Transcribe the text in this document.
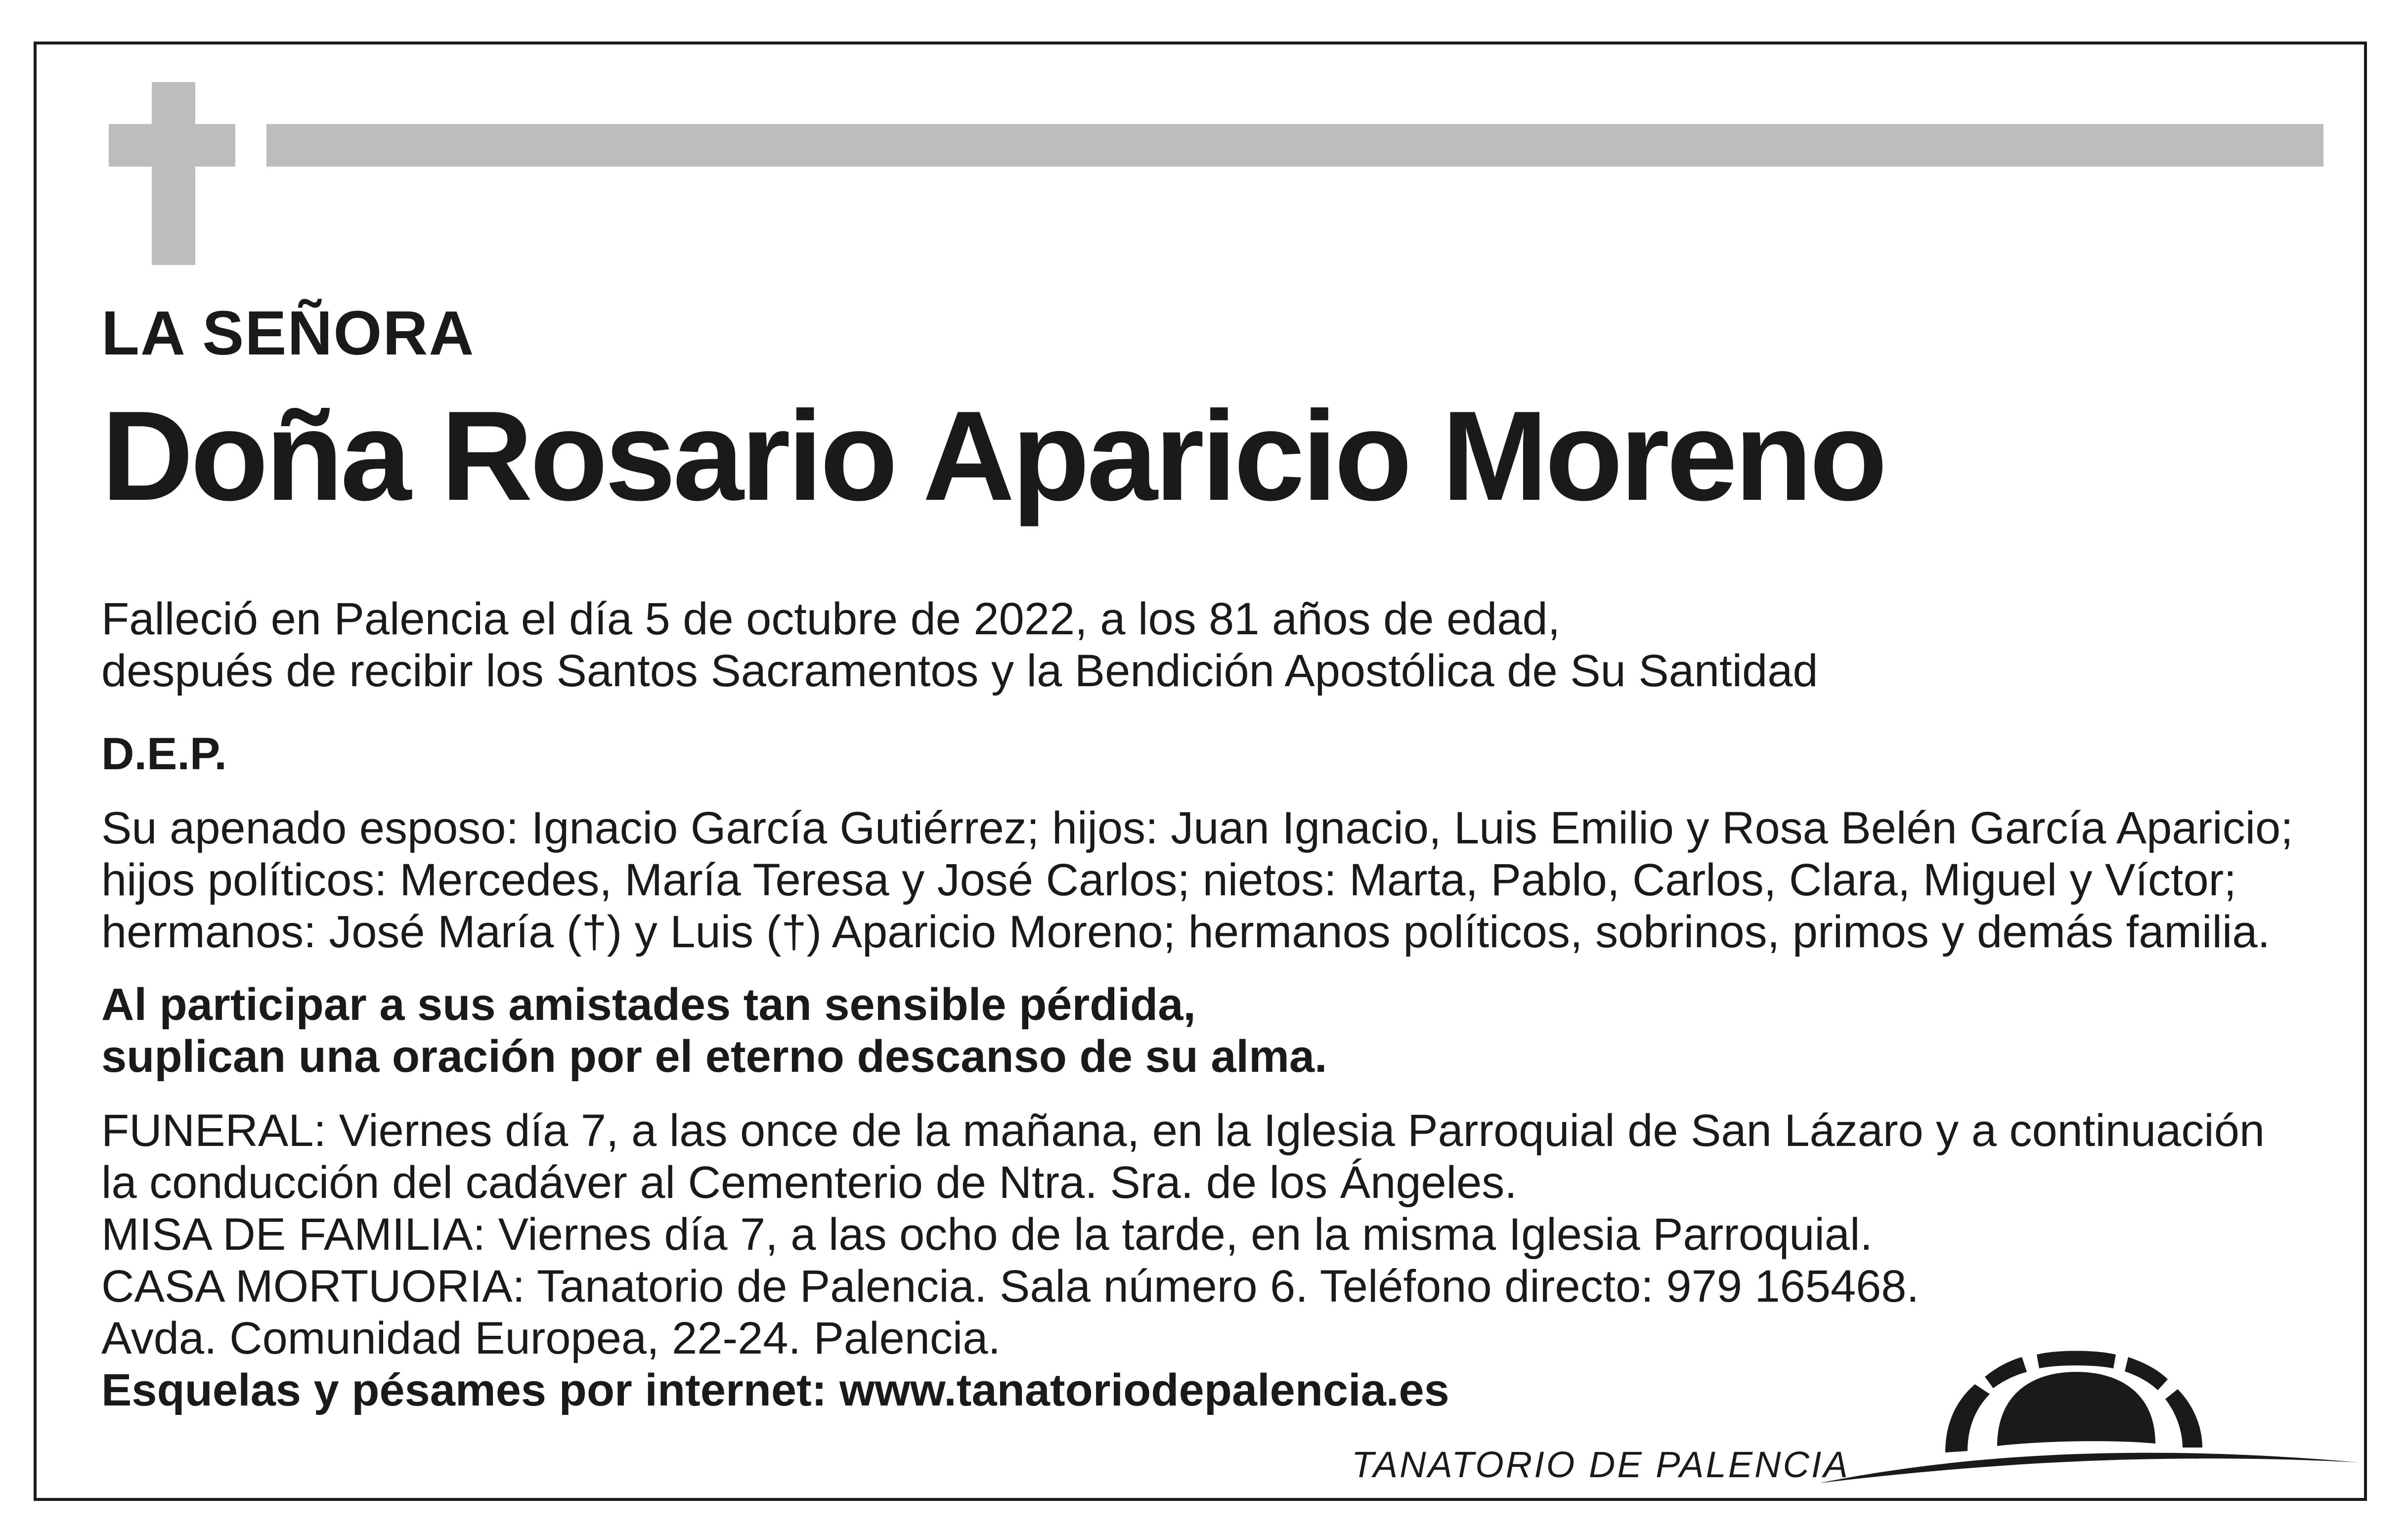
LA SEÑORA
Doña Rosario Aparicio Moreno
Falleció en Palencia el día 5 de octubre de 2022, a los 81 años de edad,
después de recibir los Santos Sacramentos y la Bendición Apostólica de Su Santidad
D.E.P.
Su apenado esposo: Ignacio García Gutiérrez; hijos: Juan Ignacio, Luis Emilio y Rosa Belén García Aparicio;
hijos políticos: Mercedes, María Teresa y José Carlos; nietos: Marta, Pablo, Carlos, Clara, Miguel y Víctor;
hermanos: José María (†) y Luis (†) Aparicio Moreno; hermanos políticos, sobrinos, primos y demás familia.
Al participar a sus amistades tan sensible pérdida,
suplican una oración por el eterno descanso de su alma.
FUNERAL: Viernes día 7, a las once de la mañana, en la Iglesia Parroquial de San Lázaro y a continuación
la conducción del cadáver al Cementerio de Ntra. Sra. de los Ángeles.
MISA DE FAMILIA: Viernes día 7, a las ocho de la tarde, en la misma Iglesia Parroquial.
CASA MORTUORIA: Tanatorio de Palencia. Sala número 6. Teléfono directo: 979 165468.
Avda. Comunidad Europea, 22-24. Palencia.
Esquelas y pésames por internet: www.tanatoriodepalencia.es
TANATORIO DE PALENCIA
